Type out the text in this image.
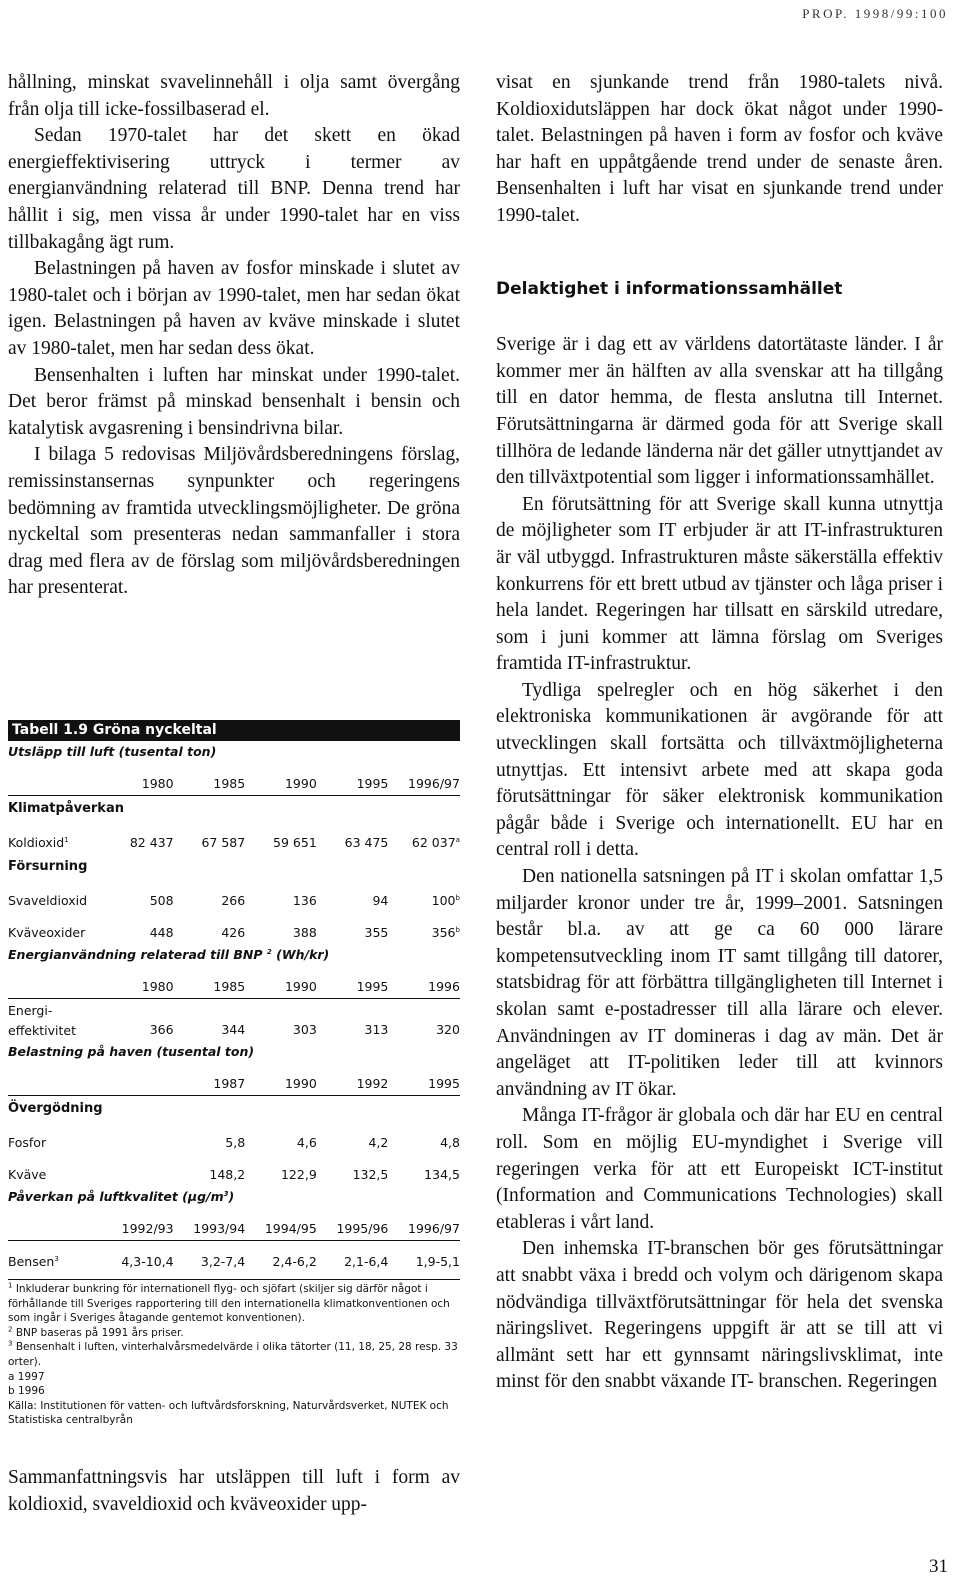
PROP. 1998/99:100

hållning, minskat svavelinnehåll i olja samt övergång från olja till icke-fossilbaserad el.

Sedan 1970-talet har det skett en ökad energieffektivisering uttryck i termer av energianvändning relaterad till BNP. Denna trend har hållit i sig, men vissa år under 1990-talet har en viss tillbakagång ägt rum.

Belastningen på haven av fosfor minskade i slutet av 1980-talet och i början av 1990-talet, men har sedan ökat igen. Belastningen på haven av kväve minskade i slutet av 1980-talet, men har sedan dess ökat.

Bensenhalten i luften har minskat under 1990-talet. Det beror främst på minskad bensenhalt i bensin och katalytisk avgasrening i bensindrivna bilar.

I bilaga 5 redovisas Miljövårdsberedningens förslag, remissinstansernas synpunkter och regeringens bedömning av framtida utvecklingsmöjligheter. De gröna nyckeltal som presenteras nedan sammanfaller i stora drag med flera av de förslag som miljövårdsberedningen har presenterat.

Tabell 1.9 Gröna nyckeltal
Utsläpp till luft (tusental ton)
1980	1985	1990	1995	1996/97
Klimatpåverkan
Koldioxid$^1$	82 437	67 587	59 651	63 475	62 037$^a$
Försurning
Svaveldioxid	508	266	136	94	100$^b$
Kväveoxider	448	426	388	355	356$^b$
Energianvändning relaterad till BNP $^2$ (Wh/kr)
1980	1985	1990	1995	1996
Energi-
effektivitet	366	344	303	313	320
Belastning på haven (tusental ton)
1987	1990	1992	1995
Övergödning
Fosfor	5,8	4,6	4,2	4,8
Kväve	148,2	122,9	132,5	134,5
Påverkan på luftkvalitet $(\mu g/m^3)$
1992/93	1993/94	1994/95	1995/96	1996/97
Bensen$^3$	4,3-10,4	3,2-7,4	2,4-6,2	2,1-6,4	1,9-5,1
$^1$ Inkluderar bunkring för internationell flyg- och sjöfart (skiljer sig därför något i förhållande till Sveriges rapportering till den internationella klimatkonventionen och som ingår i Sveriges åtagande gentemot konventionen).
$^2$ BNP baseras på 1991 års priser.
$^3$ Bensenhalt i luften, vinterhalvårsmedelvärde i olika tätorter (11, 18, 25, 28 resp. 33 orter).
a 1997
b 1996
Källa: Institutionen för vatten- och luftvårdsforskning, Naturvårdsverket, NUTEK och Statistiska centralbyrån
Sammanfattningsvis har utsläppen till luft i form av koldioxid, svaveldioxid och kväveoxider upp-

visat en sjunkande trend från 1980-talets nivå. Koldioxidutsläppen har dock ökat något under 1990-talet. Belastningen på haven i form av fosfor och kväve har haft en uppåtgående trend under de senaste åren. Bensenhalten i luft har visat en sjunkande trend under 1990-talet.

Delaktighet i informationssamhället

Sverige är i dag ett av världens datortätaste länder. I år kommer mer än hälften av alla svenskar att ha tillgång till en dator hemma, de flesta anslutna till Internet. Förutsättningarna är därmed goda för att Sverige skall tillhöra de ledande länderna när det gäller utnyttjandet av den tillväxtpotential som ligger i informationssamhället.

En förutsättning för att Sverige skall kunna utnyttja de möjligheter som IT erbjuder är att IT-infrastrukturen är väl utbyggd. Infrastrukturen måste säkerställa effektiv konkurrens för ett brett utbud av tjänster och låga priser i hela landet. Regeringen har tillsatt en särskild utredare, som i juni kommer att lämna förslag om Sveriges framtida IT-infrastruktur.

Tydliga spelregler och en hög säkerhet i den elektroniska kommunikationen är avgörande för att utvecklingen skall fortsätta och tillväxtmöjligheterna utnyttjas. Ett intensivt arbete med att skapa goda förutsättningar för säker elektronisk kommunikation pågår både i Sverige och internationellt. EU har en central roll i detta.

Den nationella satsningen på IT i skolan omfattar 1,5 miljarder kronor under tre år, 1999–2001. Satsningen består bl.a. av att ge ca 60 000 lärare kompetensutveckling inom IT samt tillgång till datorer, statsbidrag för att förbättra tillgängligheten till Internet i skolan samt e-postadresser till alla lärare och elever. Användningen av IT domineras i dag av män. Det är angeläget att IT-politiken leder till att kvinnors användning av IT ökar.

Många IT-frågor är globala och där har EU en central roll. Som en möjlig EU-myndighet i Sverige vill regeringen verka för att ett Europeiskt ICT-institut (Information and Communications Technologies) skall etableras i vårt land.

Den inhemska IT-branschen bör ges förutsättningar att snabbt växa i bredd och volym och därigenom skapa nödvändiga tillväxtförutsättningar för hela det svenska näringslivet. Regeringens uppgift är att se till att vi allmänt sett har ett gynnsamt näringslivsklimat, inte minst för den snabbt växande IT- branschen. Regeringen

31
